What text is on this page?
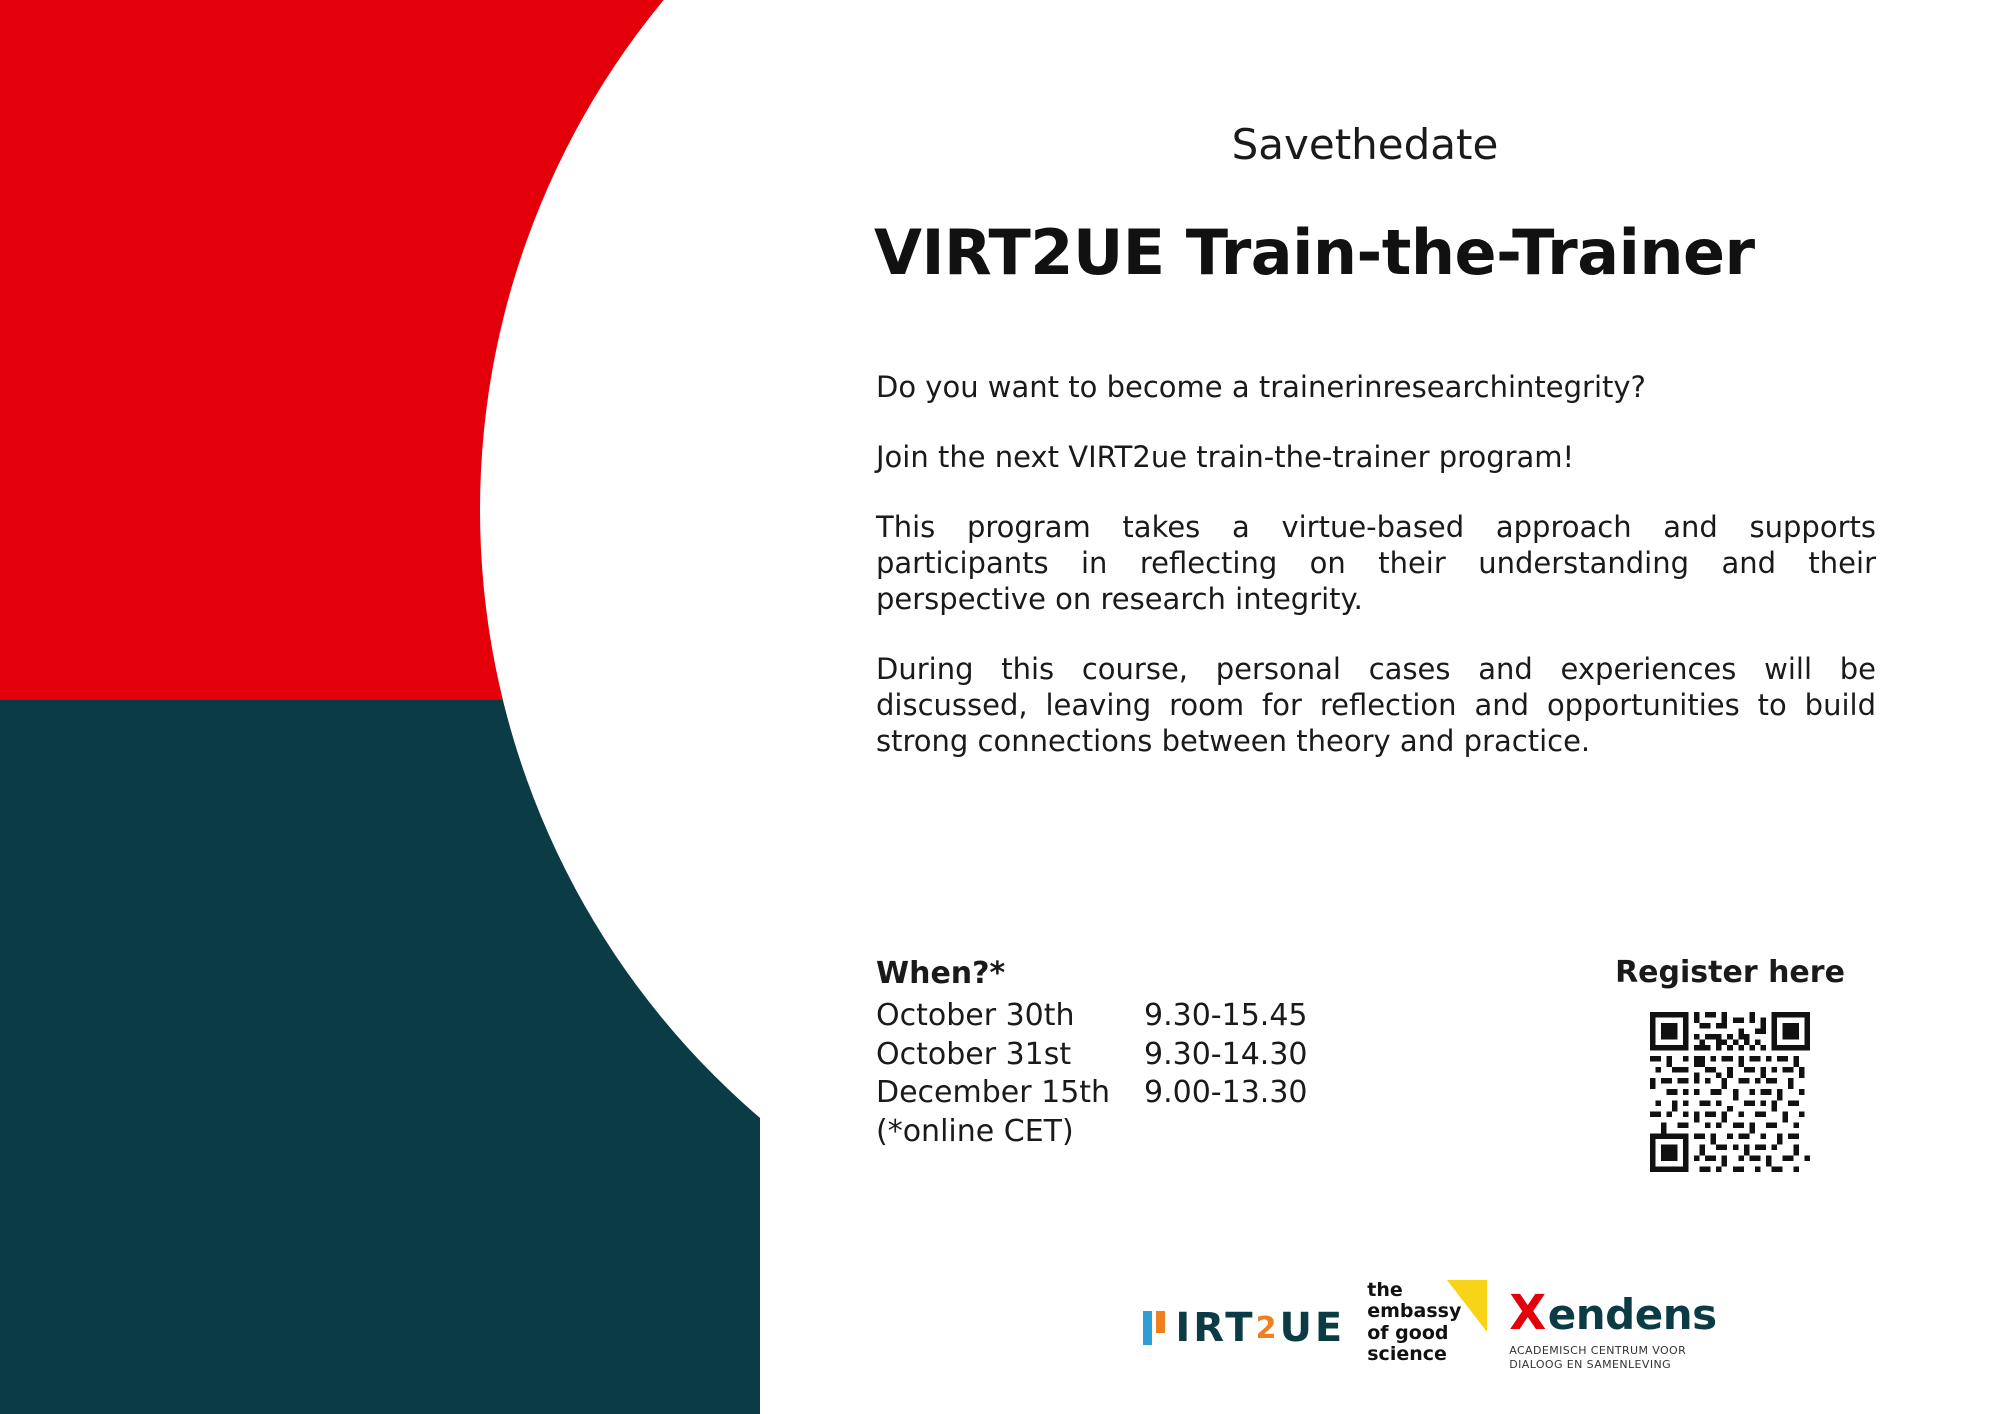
Savethedate
VIRT2UE Train-the-Trainer

Do you want to become a trainerinresearchintegrity?

Join the next VIRT2ue train-the-trainer program!

This program takes a virtue-based approach and supports participants in reflecting on their understanding and their perspective on research integrity.

During this course, personal cases and experiences will be discussed, leaving room for reflection and opportunities to build strong connections between theory and practice.

When?*
October 30th	9.30-15.45
October 31st	9.30-14.30
December 15th	9.00-13.30
(*online CET)
Register here
IRT 2 UE
the
embassy
of good
science
X endens
ACADEMISCH CENTRUM VOOR
DIALOOG EN SAMENLEVING
